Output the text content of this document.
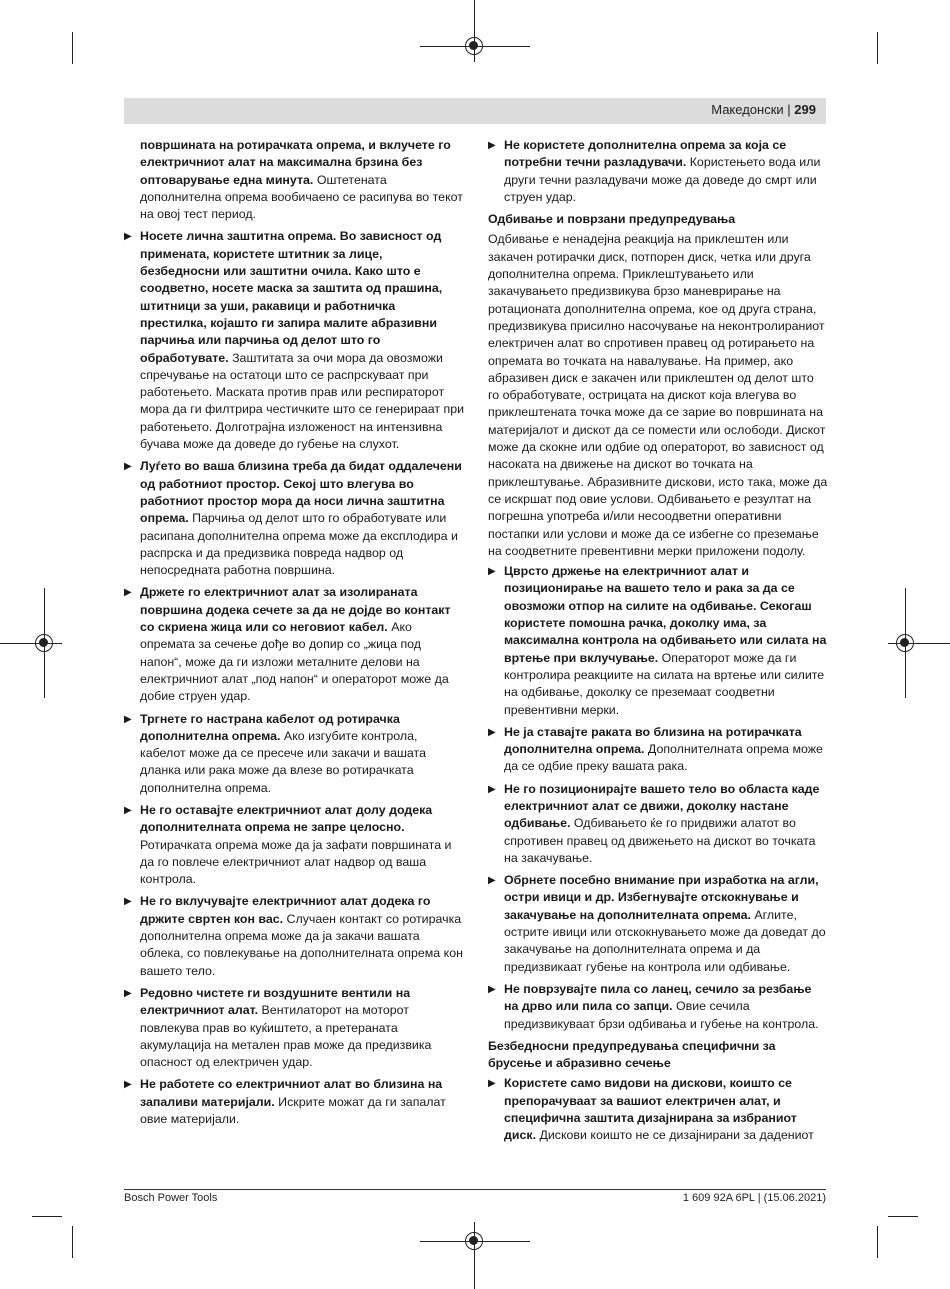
Македонски | 299
површината на ротирачката опрема, и вклучете го електричниот алат на максимална брзина без оптоварување една минута. Оштетената дополнителна опрема вообичаено се расипува во текот на овој тест период.
▶ Носете лична заштитна опрема. Во зависност од примената, користете штитник за лице, безбедносни или заштитни очила. Како што е соодветно, носете маска за заштита од прашина, штитници за уши, ракавици и работничка престилка, којашто ги запира малите абразивни парчиња или парчиња од делот што го обработувате. Заштитата за очи мора да овозможи спречување на остатоци што се распрскуваат при работењето. Маската против прав или респираторот мора да ги филтрира честичките што се генерираат при работењето. Долготрајна изложеност на интензивна бучава може да доведе до губење на слухот.
▶ Луѓето во ваша близина треба да бидат оддалечени од работниот простор. Секој што влегува во работниот простор мора да носи лична заштитна опрема. Парчиња од делот што го обработувате или расипана дополнителна опрема може да експлодира и распрска и да предизвика повреда надвор од непосредната работна површина.
▶ Држете го електричниот алат за изолираната површина додека сечете за да не дојде во контакт со скриена жица или со неговиот кабел. Ако опремата за сечење дође во допир со „жица под напон“, може да ги изложи металните делови на електричниот алат „под напон“ и операторот може да добие струен удар.
▶ Тргнете го настрана кабелот од ротирачка дополнителна опрема. Ако изгубите контрола, кабелот може да се пресече или закачи и вашата дланка или рака може да влезе во ротирачката дополнителна опрема.
▶ Не го оставајте електричниот алат долу додека дополнителната опрема не запре целосно. Ротирачката опрема може да ја зафати површината и да го повлече електричниот алат надвор од ваша контрола.
▶ Не го вклучувајте електричниот алат додека го држите свртен кон вас. Случаен контакт со ротирачка дополнителна опрема може да ја закачи вашата облека, со повлекување на дополнителната опрема кон вашето тело.
▶ Редовно чистете ги воздушните вентили на електричниот алат. Вентилаторот на моторот повлекува прав во куќиштето, а претераната акумулација на метален прав може да предизвика опасност од електричен удар.
▶ Не работете со електричниот алат во близина на запаливи материјали. Искрите можат да ги запалат овие материјали.
▶ Не користете дополнителна опрема за која се потребни течни разладувачи. Користењето вода или други течни разладувачи може да доведе до смрт или струен удар.
Одбивање и поврзани предупредувања
Одбивање е ненадејна реакција на приклештен или закачен ротирачки диск, потпорен диск, четка или друга дополнителна опрема. Приклештувањето или закачувањето предизвикува брзо маневрирање на ротационата дополнителна опрема, кое од друга страна, предизвикува присилно насочување на неконтролираниот електричен алат во спротивен правец од ротирањето на опремата во точката на навалување. На пример, ако абразивен диск е закачен или приклештен од делот што го обработувате, острицата на дискот која влегува во приклештената точка може да се зарие во површината на материјалот и дискот да се помести или ослободи. Дискот може да скокне или одбие од операторот, во зависност од насоката на движење на дискот во точката на приклештување. Абразивните дискови, исто така, може да се искршат под овие услови. Одбивањето е резултат на погрешна употреба и/или несоодветни оперативни постапки или услови и може да се избегне со преземање на соодветните превентивни мерки приложени подолу.
▶ Цврсто држење на електричниот алат и позиционирање на вашето тело и рака за да се овозможи отпор на силите на одбивање. Секогаш користете помошна рачка, доколку има, за максимална контрола на одбивањето или силата на вртење при вклучување. Операторот може да ги контролира реакциите на силата на вртење или силите на одбивање, доколку се преземаат соодветни превентивни мерки.
▶ Не ја ставајте раката во близина на ротирачката дополнителна опрема. Дополнителната опрема може да се одбие преку вашата рака.
▶ Не го позиционирајте вашето тело во областа каде електричниот алат се движи, доколку настане одбивање. Одбивањето ќе го придвижи алатот во спротивен правец од движењето на дискот во точката на закачување.
▶ Обрнете посебно внимание при изработка на агли, остри ивици и др. Избегнувајте отскокнување и закачување на дополнителната опрема. Аглите, острите ивици или отскокнувањето може да доведат до закачување на дополнителната опрема и да предизвикаат губење на контрола или одбивање.
▶ Не поврзувајте пила со ланец, сечило за резбање на дрво или пила со запци. Овие сечила предизвикуваат брзи одбивања и губење на контрола.
Безбедносни предупредувања специфични за брусење и абразивно сечење
▶ Користете само видови на дискови, коишто се препорачуваат за вашиот електричен алат, и специфична заштита дизајнирана за избраниот диск. Дискови коишто не се дизајнирани за дадениот
Bosch Power Tools	1 609 92A 6PL | (15.06.2021)
